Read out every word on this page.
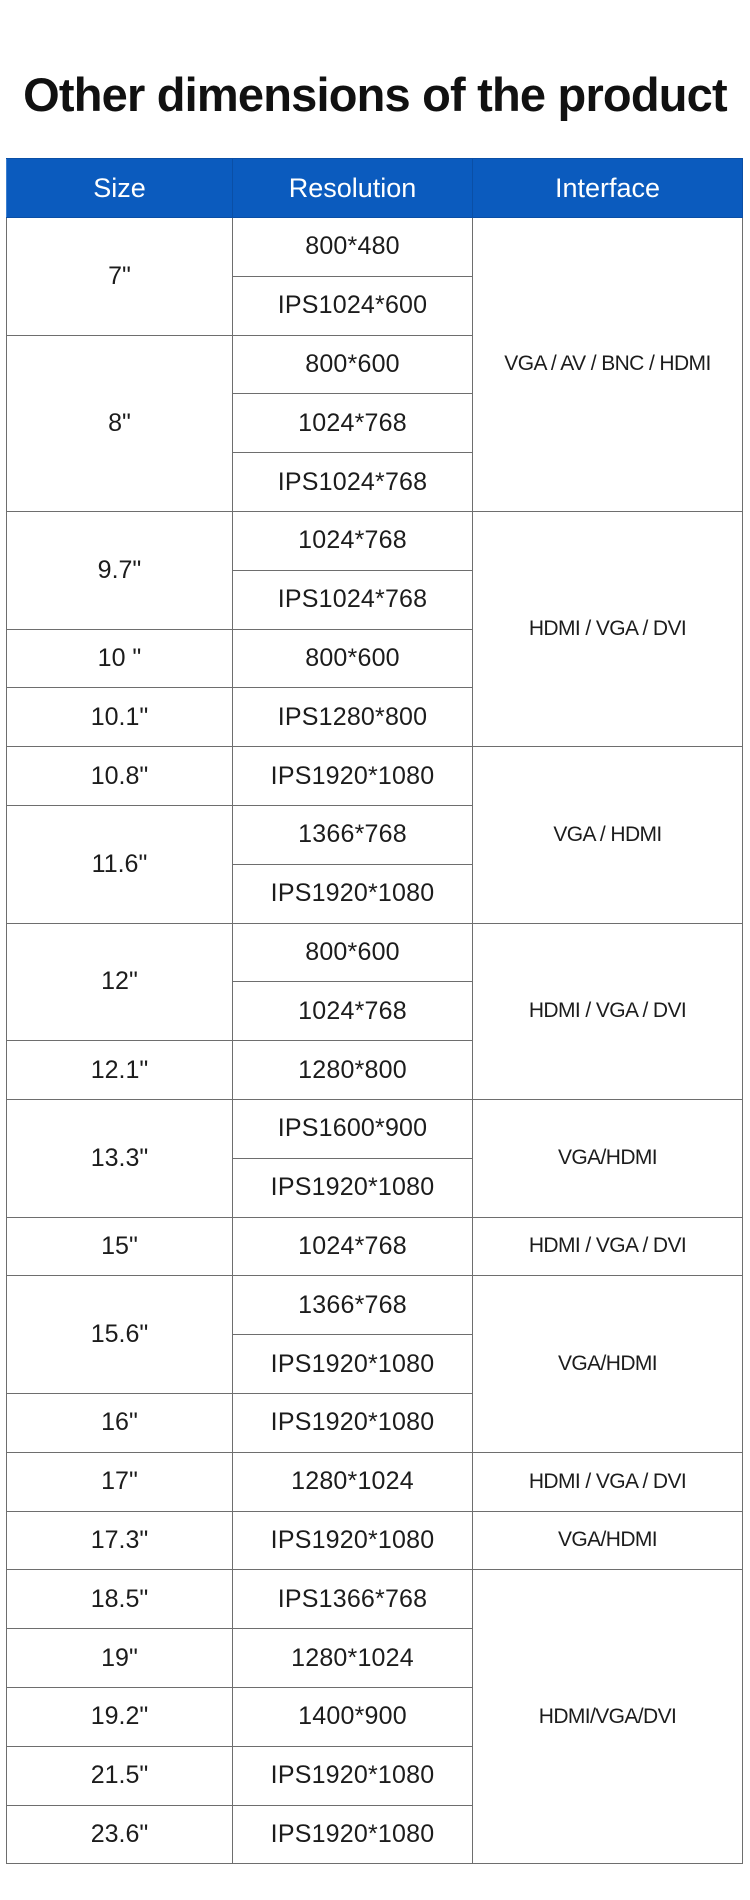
Other dimensions of the product
Size	Resolution	Interface
7"	800*480	VGA / AV / BNC / HDMI
	IPS1024*600	
8"	800*600	
	1024*768	
	IPS1024*768	
9.7"	1024*768	HDMI / VGA / DVI
	IPS1024*768	
10 "	800*600	
10.1"	IPS1280*800	
10.8"	IPS1920*1080	VGA / HDMI
11.6"	1366*768	
	IPS1920*1080	
12"	800*600	HDMI / VGA / DVI
	1024*768	
12.1"	1280*800	
13.3"	IPS1600*900	VGA/HDMI
	IPS1920*1080	
15"	1024*768	HDMI / VGA / DVI
15.6"	1366*768	VGA/HDMI
	IPS1920*1080	
16"	IPS1920*1080	
17"	1280*1024	HDMI / VGA / DVI
17.3"	IPS1920*1080	VGA/HDMI
18.5"	IPS1366*768	HDMI/VGA/DVI
19"	1280*1024	
19.2"	1400*900	
21.5"	IPS1920*1080	
23.6"	IPS1920*1080	
